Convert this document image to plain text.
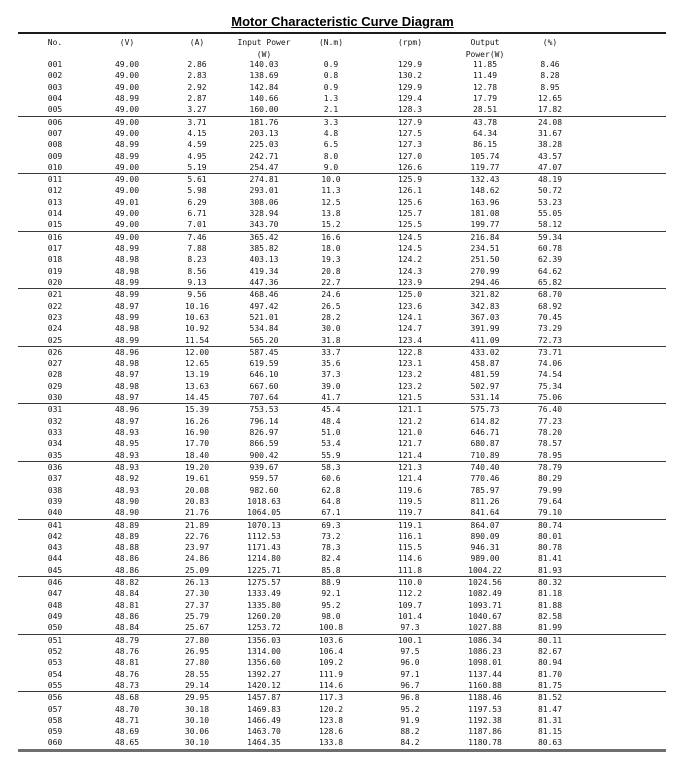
Motor Characteristic Curve Diagram
No.	(V)	(A)	Input Power	(N.m)	(rpm)	Output	(%)	
			(W)			Power(W)		
001	49.00	2.86	140.03	0.9	129.9	11.85	8.46	
002	49.00	2.83	138.69	0.8	130.2	11.49	8.28	
003	49.00	2.92	142.84	0.9	129.9	12.78	8.95	
004	48.99	2.87	140.66	1.3	129.4	17.79	12.65	
005	49.00	3.27	160.00	2.1	128.3	28.51	17.82	
006	49.00	3.71	181.76	3.3	127.9	43.78	24.08	
007	49.00	4.15	203.13	4.8	127.5	64.34	31.67	
008	48.99	4.59	225.03	6.5	127.3	86.15	38.28	
009	48.99	4.95	242.71	8.0	127.0	105.74	43.57	
010	49.00	5.19	254.47	9.0	126.6	119.77	47.07	
011	49.00	5.61	274.81	10.0	125.9	132.43	48.19	
012	49.00	5.98	293.01	11.3	126.1	148.62	50.72	
013	49.01	6.29	308.06	12.5	125.6	163.96	53.23	
014	49.00	6.71	328.94	13.8	125.7	181.08	55.05	
015	49.00	7.01	343.70	15.2	125.5	199.77	58.12	
016	49.00	7.46	365.42	16.6	124.5	216.84	59.34	
017	48.99	7.88	385.82	18.0	124.5	234.51	60.78	
018	48.98	8.23	403.13	19.3	124.2	251.50	62.39	
019	48.98	8.56	419.34	20.8	124.3	270.99	64.62	
020	48.99	9.13	447.36	22.7	123.9	294.46	65.82	
021	48.99	9.56	468.46	24.6	125.0	321.82	68.70	
022	48.97	10.16	497.42	26.5	123.6	342.83	68.92	
023	48.99	10.63	521.01	28.2	124.1	367.03	70.45	
024	48.98	10.92	534.84	30.0	124.7	391.99	73.29	
025	48.99	11.54	565.20	31.8	123.4	411.09	72.73	
026	48.96	12.00	587.45	33.7	122.8	433.02	73.71	
027	48.98	12.65	619.59	35.6	123.1	458.87	74.06	
028	48.97	13.19	646.10	37.3	123.2	481.59	74.54	
029	48.98	13.63	667.60	39.0	123.2	502.97	75.34	
030	48.97	14.45	707.64	41.7	121.5	531.14	75.06	
031	48.96	15.39	753.53	45.4	121.1	575.73	76.40	
032	48.97	16.26	796.14	48.4	121.2	614.82	77.23	
033	48.93	16.90	826.97	51.0	121.0	646.71	78.20	
034	48.95	17.70	866.59	53.4	121.7	680.87	78.57	
035	48.93	18.40	900.42	55.9	121.4	710.89	78.95	
036	48.93	19.20	939.67	58.3	121.3	740.40	78.79	
037	48.92	19.61	959.57	60.6	121.4	770.46	80.29	
038	48.93	20.08	982.60	62.8	119.6	785.97	79.99	
039	48.90	20.83	1018.63	64.8	119.5	811.26	79.64	
040	48.90	21.76	1064.05	67.1	119.7	841.64	79.10	
041	48.89	21.89	1070.13	69.3	119.1	864.07	80.74	
042	48.89	22.76	1112.53	73.2	116.1	890.09	80.01	
043	48.88	23.97	1171.43	78.3	115.5	946.31	80.78	
044	48.86	24.86	1214.80	82.4	114.6	989.00	81.41	
045	48.86	25.09	1225.71	85.8	111.8	1004.22	81.93	
046	48.82	26.13	1275.57	88.9	110.0	1024.56	80.32	
047	48.84	27.30	1333.49	92.1	112.2	1082.49	81.18	
048	48.81	27.37	1335.80	95.2	109.7	1093.71	81.88	
049	48.86	25.79	1260.20	98.0	101.4	1040.67	82.58	
050	48.84	25.67	1253.72	100.8	97.3	1027.88	81.99	
051	48.79	27.80	1356.03	103.6	100.1	1086.34	80.11	
052	48.76	26.95	1314.00	106.4	97.5	1086.23	82.67	
053	48.81	27.80	1356.60	109.2	96.0	1098.01	80.94	
054	48.76	28.55	1392.27	111.9	97.1	1137.44	81.70	
055	48.73	29.14	1420.12	114.6	96.7	1160.88	81.75	
056	48.68	29.95	1457.87	117.3	96.8	1188.46	81.52	
057	48.70	30.18	1469.83	120.2	95.2	1197.53	81.47	
058	48.71	30.10	1466.49	123.8	91.9	1192.38	81.31	
059	48.69	30.06	1463.70	128.6	88.2	1187.86	81.15	
060	48.65	30.10	1464.35	133.8	84.2	1180.78	80.63	
